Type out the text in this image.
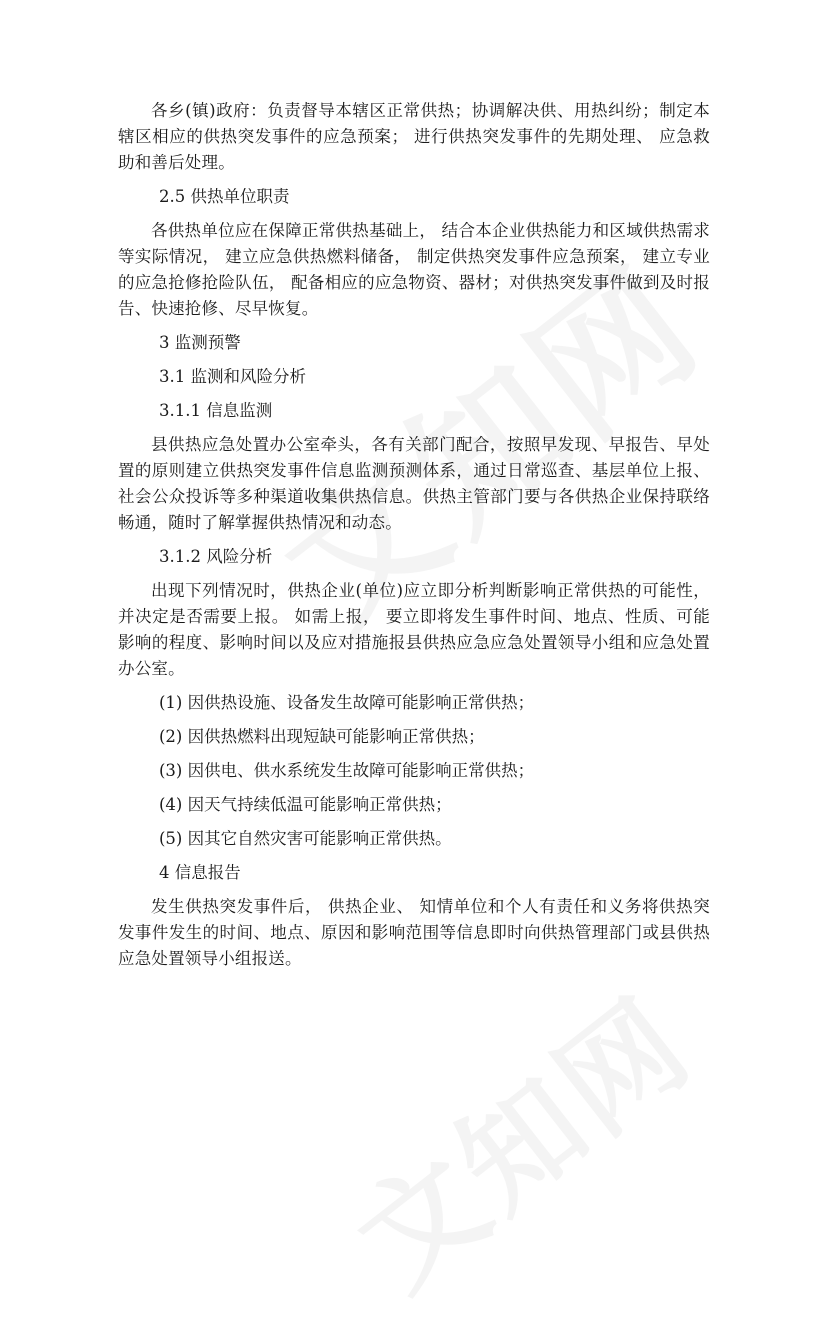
各乡(镇)政府：负责督导本辖区正常供热；协调解决供、用热纠纷；制定本辖区相应的供热突发事件的应急预案； 进行供热突发事件的先期处理、 应急救助和善后处理。

2.5 供热单位职责

各供热单位应在保障正常供热基础上， 结合本企业供热能力和区域供热需求等实际情况， 建立应急供热燃料储备， 制定供热突发事件应急预案， 建立专业的应急抢修抢险队伍， 配备相应的应急物资、器材；对供热突发事件做到及时报告、快速抢修、尽早恢复。

3 监测预警

3.1 监测和风险分析

3.1.1 信息监测

县供热应急处置办公室牵头，各有关部门配合，按照早发现、早报告、早处置的原则建立供热突发事件信息监测预测体系，通过日常巡查、基层单位上报、社会公众投诉等多种渠道收集供热信息。供热主管部门要与各供热企业保持联络畅通，随时了解掌握供热情况和动态。

3.1.2 风险分析

出现下列情况时，供热企业(单位)应立即分析判断影响正常供热的可能性，并决定是否需要上报。 如需上报， 要立即将发生事件时间、地点、性质、可能影响的程度、影响时间以及应对措施报县供热应急应急处置领导小组和应急处置办公室。

(1) 因供热设施、设备发生故障可能影响正常供热；

(2) 因供热燃料出现短缺可能影响正常供热；

(3) 因供电、供水系统发生故障可能影响正常供热；

(4) 因天气持续低温可能影响正常供热；

(5) 因其它自然灾害可能影响正常供热。

4 信息报告

发生供热突发事件后， 供热企业、 知情单位和个人有责任和义务将供热突发事件发生的时间、地点、原因和影响范围等信息即时向供热管理部门或县供热应急处置领导小组报送。
